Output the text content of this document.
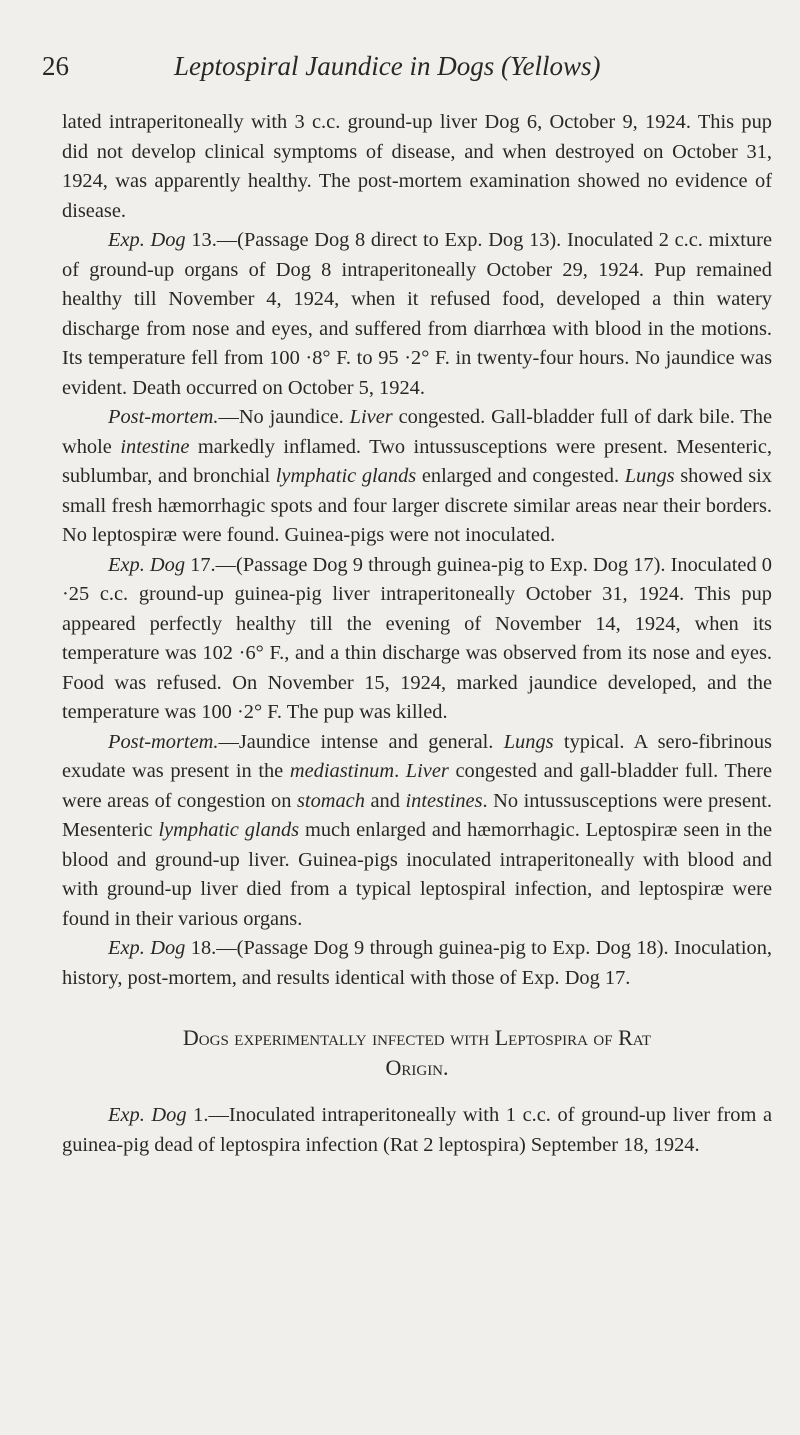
26	Leptospiral Jaundice in Dogs (Yellows)

lated intraperitoneally with 3 c.c. ground-up liver Dog 6, October 9, 1924. This pup did not develop clinical symptoms of disease, and when destroyed on October 31, 1924, was apparently healthy. The post-mortem examination showed no evidence of disease.

Exp. Dog 13.—(Passage Dog 8 direct to Exp. Dog 13). Inoculated 2 c.c. mixture of ground-up organs of Dog 8 intraperitoneally October 29, 1924. Pup remained healthy till November 4, 1924, when it refused food, developed a thin watery discharge from nose and eyes, and suffered from diarrhœa with blood in the motions. Its temperature fell from 100 ·8° F. to 95 ·2° F. in twenty-four hours. No jaundice was evident. Death occurred on October 5, 1924.

Post-mortem.—No jaundice. Liver congested. Gall-bladder full of dark bile. The whole intestine markedly inflamed. Two intussusceptions were present. Mesenteric, sublumbar, and bronchial lymphatic glands enlarged and congested. Lungs showed six small fresh hæmorrhagic spots and four larger discrete similar areas near their borders. No leptospiræ were found. Guinea-pigs were not inoculated.

Exp. Dog 17.—(Passage Dog 9 through guinea-pig to Exp. Dog 17). Inoculated 0 ·25 c.c. ground-up guinea-pig liver intraperitoneally October 31, 1924. This pup appeared perfectly healthy till the evening of November 14, 1924, when its temperature was 102 ·6° F., and a thin discharge was observed from its nose and eyes. Food was refused. On November 15, 1924, marked jaundice developed, and the temperature was 100 ·2° F. The pup was killed.

Post-mortem.—Jaundice intense and general. Lungs typical. A sero-fibrinous exudate was present in the mediastinum. Liver congested and gall-bladder full. There were areas of congestion on stomach and intestines. No intussusceptions were present. Mesenteric lymphatic glands much enlarged and hæmorrhagic. Leptospiræ seen in the blood and ground-up liver. Guinea-pigs inoculated intraperitoneally with blood and with ground-up liver died from a typical leptospiral infection, and leptospiræ were found in their various organs.

Exp. Dog 18.—(Passage Dog 9 through guinea-pig to Exp. Dog 18). Inoculation, history, post-mortem, and results identical with those of Exp. Dog 17.

Dogs experimentally infected with Leptospira of Rat
Origin.

Exp. Dog 1.—Inoculated intraperitoneally with 1 c.c. of ground-up liver from a guinea-pig dead of leptospira infection (Rat 2 leptospira) September 18, 1924.
